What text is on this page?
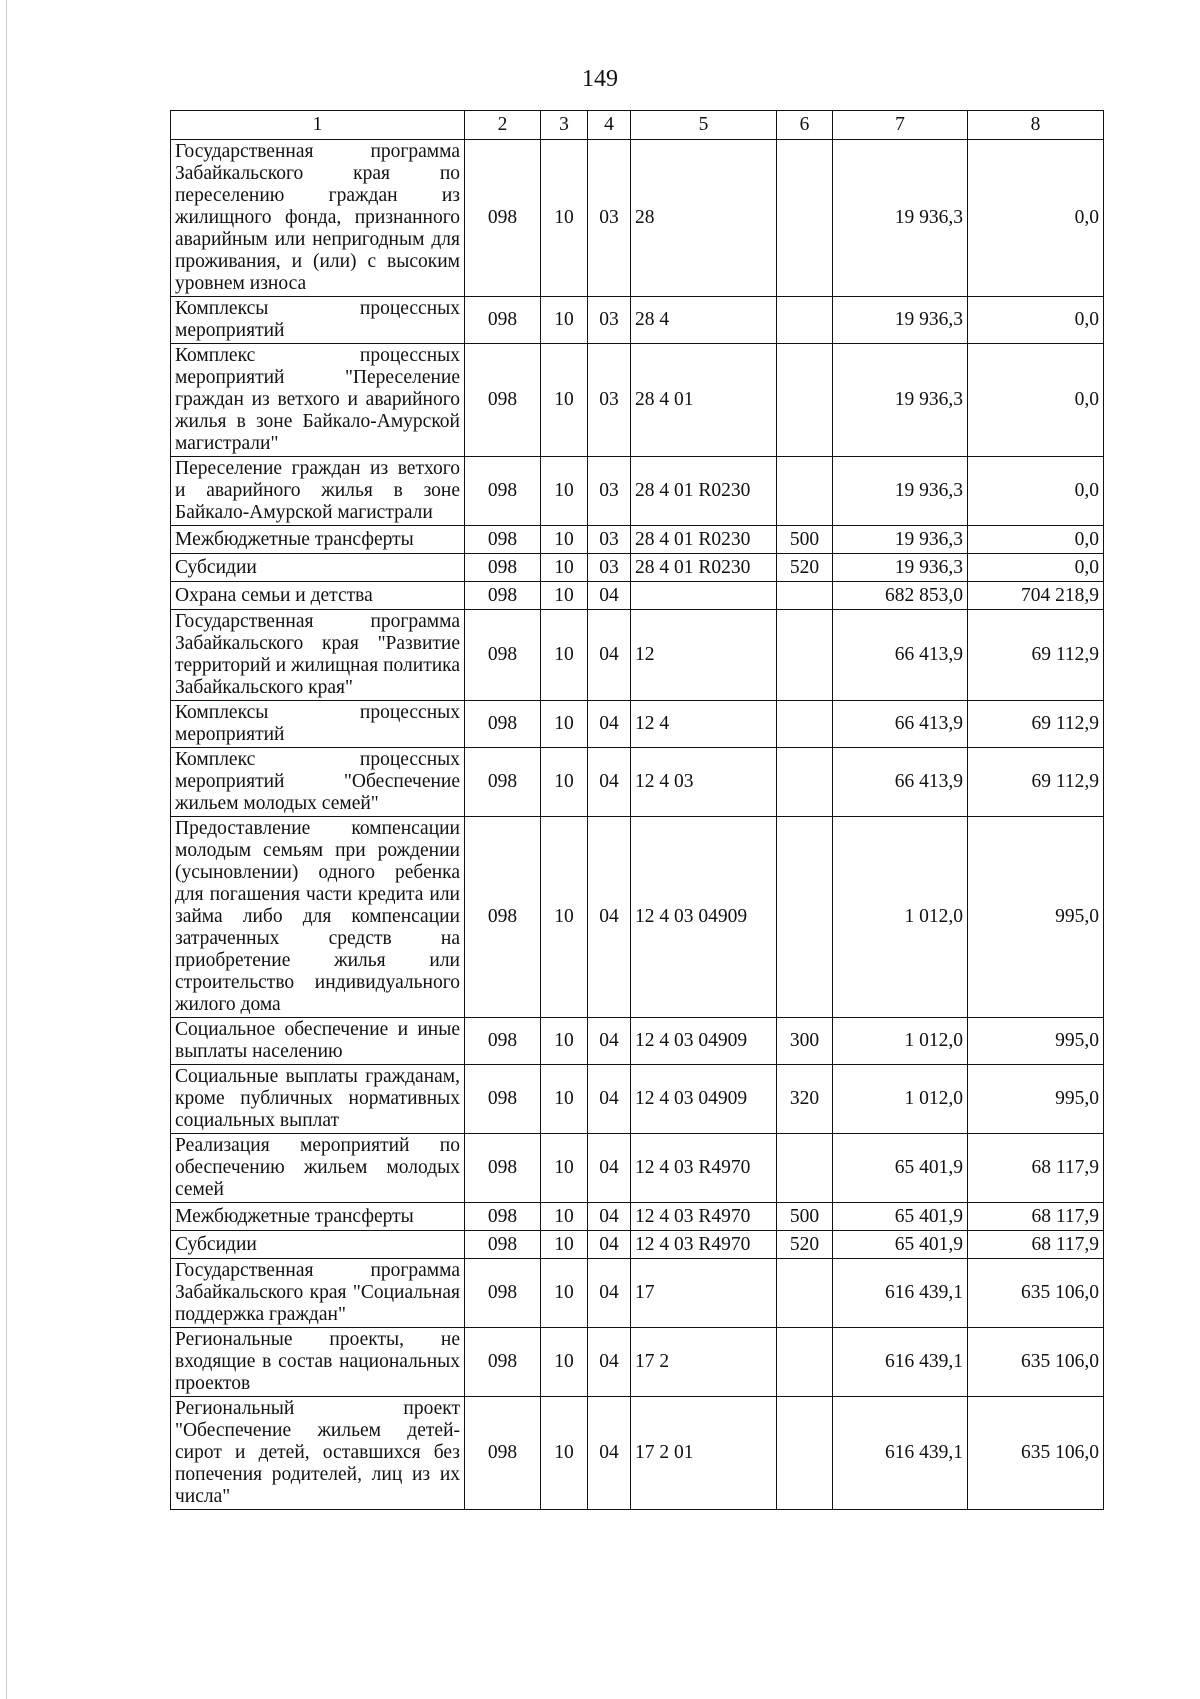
149
1	2	3	4	5	6	7	8
Государственная программа Забайкальского края по переселению граждан из жилищного фонда, признанного аварийным или непригодным для проживания, и (или) с высоким уровнем износа	098	10	03	28		19 936,3	0,0
Комплексы процессных мероприятий	098	10	03	28 4		19 936,3	0,0
Комплекс процессных мероприятий "Переселение граждан из ветхого и аварийного жилья в зоне Байкало-Амурской магистрали"	098	10	03	28 4 01		19 936,3	0,0
Переселение граждан из ветхого и аварийного жилья в зоне Байкало-Амурской магистрали	098	10	03	28 4 01 R0230		19 936,3	0,0
Межбюджетные трансферты	098	10	03	28 4 01 R0230	500	19 936,3	0,0
Субсидии	098	10	03	28 4 01 R0230	520	19 936,3	0,0
Охрана семьи и детства	098	10	04			682 853,0	704 218,9
Государственная программа Забайкальского края "Развитие территорий и жилищная политика Забайкальского края"	098	10	04	12		66 413,9	69 112,9
Комплексы процессных мероприятий	098	10	04	12 4		66 413,9	69 112,9
Комплекс процессных мероприятий "Обеспечение жильем молодых семей"	098	10	04	12 4 03		66 413,9	69 112,9
Предоставление компенсации молодым семьям при рождении (усыновлении) одного ребенка для погашения части кредита или займа либо для компенсации затраченных средств на приобретение жилья или строительство индивидуального жилого дома	098	10	04	12 4 03 04909		1 012,0	995,0
Социальное обеспечение и иные выплаты населению	098	10	04	12 4 03 04909	300	1 012,0	995,0
Социальные выплаты гражданам, кроме публичных нормативных социальных выплат	098	10	04	12 4 03 04909	320	1 012,0	995,0
Реализация мероприятий по обеспечению жильем молодых семей	098	10	04	12 4 03 R4970		65 401,9	68 117,9
Межбюджетные трансферты	098	10	04	12 4 03 R4970	500	65 401,9	68 117,9
Субсидии	098	10	04	12 4 03 R4970	520	65 401,9	68 117,9
Государственная программа Забайкальского края "Социальная поддержка граждан"	098	10	04	17		616 439,1	635 106,0
Региональные проекты, не входящие в состав национальных проектов	098	10	04	17 2		616 439,1	635 106,0
Региональный проект "Обеспечение жильем детей-сирот и детей, оставшихся без попечения родителей, лиц из их числа"	098	10	04	17 2 01		616 439,1	635 106,0
